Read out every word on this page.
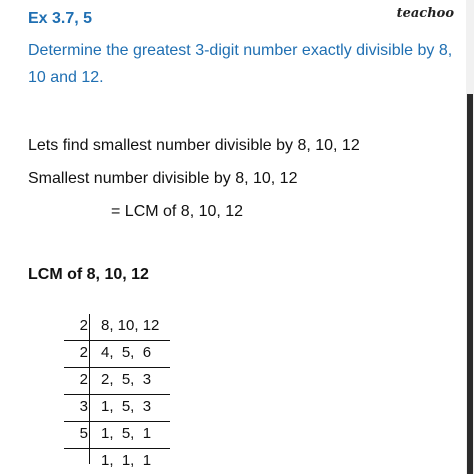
teachoo
Ex 3.7, 5
Determine the greatest 3-digit number exactly divisible by 8, 10 and 12.
Lets find smallest number divisible by 8, 10, 12
Smallest number divisible by 8, 10, 12
= LCM of 8, 10, 12
LCM of 8, 10, 12
2 8, 10, 12
2 4,  5,  6
2 2,  5,  3
3 1,  5,  3
5 1,  5,  1
1,  1,  1
